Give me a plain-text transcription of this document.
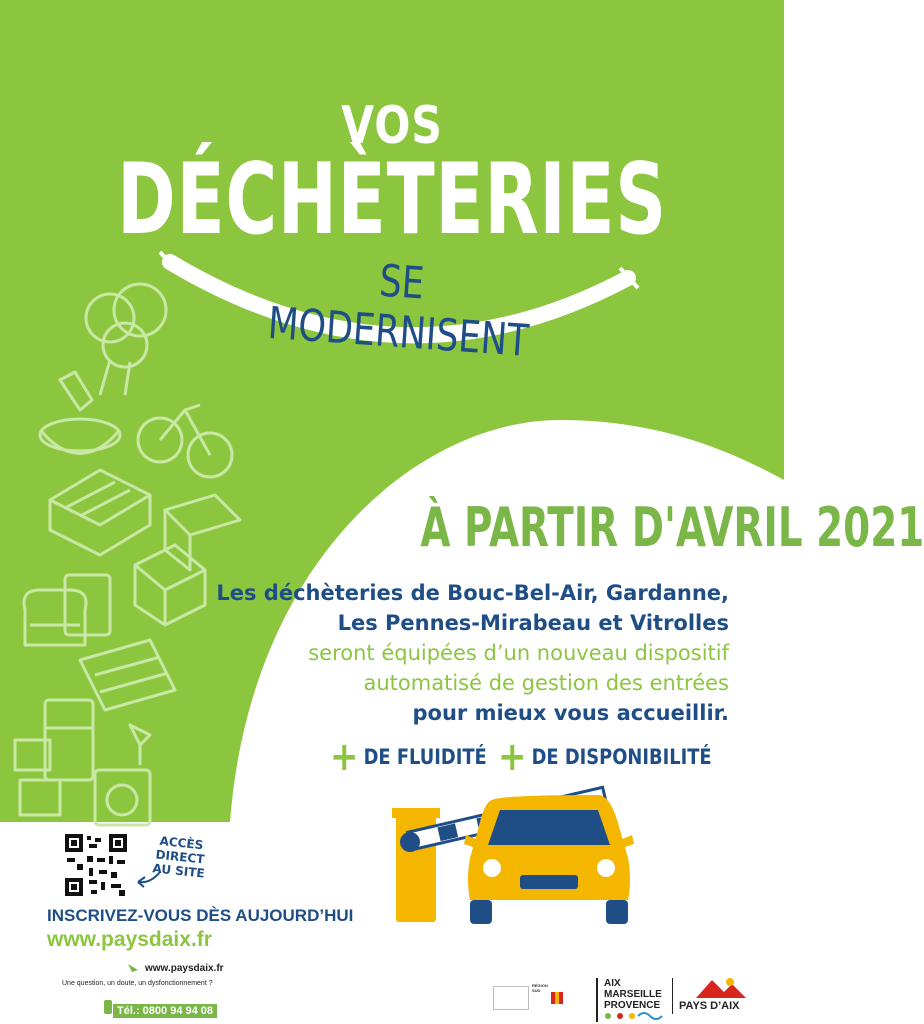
VOS
DÉCHÈTERIES
SE MODERNISENT
À PARTIR D'AVRIL 2021
Les déchèteries de Bouc-Bel-Air, Gardanne,
Les Pennes-Mirabeau et Vitrolles
seront équipées d’un nouveau dispositif
automatisé de gestion des entrées
pour mieux vous accueillir.
+ DE FLUIDITÉ + DE DISPONIBILITÉ
ACCÈS DIRECT
AU SITE
INSCRIVEZ-VOUS DÈS AUJOURD’HUI
www.paysdaix.fr
www.paysdaix.fr
Une question, un doute, un dysfonctionnement ?
Tél.: 0800 94 94 08
RÉGION SUD
AIX
MARSEILLE
PROVENCE PAYS D’AIX
